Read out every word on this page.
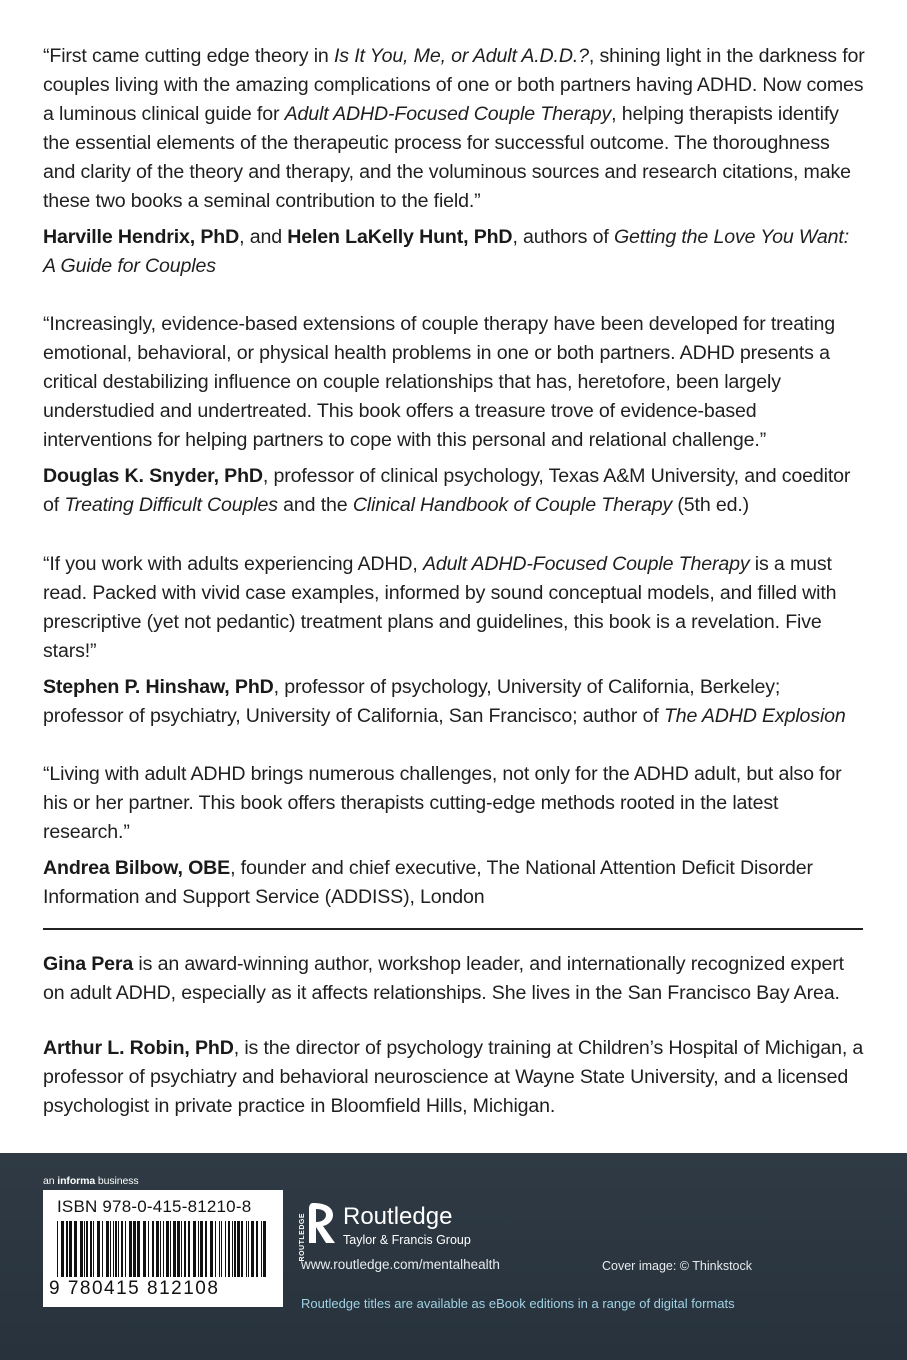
“First came cutting edge theory in Is It You, Me, or Adult A.D.D.?, shining light in the darkness for couples living with the amazing complications of one or both partners having ADHD. Now comes a luminous clinical guide for Adult ADHD-Focused Couple Therapy, helping therapists identify the essential elements of the therapeutic process for successful outcome. The thoroughness and clarity of the theory and therapy, and the voluminous sources and research citations, make these two books a seminal contribution to the field.”

Harville Hendrix, PhD, and Helen LaKelly Hunt, PhD, authors of Getting the Love You Want: A Guide for Couples

“Increasingly, evidence-based extensions of couple therapy have been developed for treating emotional, behavioral, or physical health problems in one or both partners. ADHD presents a critical destabilizing influence on couple relationships that has, heretofore, been largely understudied and undertreated. This book offers a treasure trove of evidence-based interventions for helping partners to cope with this personal and relational challenge.”

Douglas K. Snyder, PhD, professor of clinical psychology, Texas A&M University, and coeditor of Treating Difficult Couples and the Clinical Handbook of Couple Therapy (5th ed.)

“If you work with adults experiencing ADHD, Adult ADHD-Focused Couple Therapy is a must read. Packed with vivid case examples, informed by sound conceptual models, and filled with prescriptive (yet not pedantic) treatment plans and guidelines, this book is a revelation. Five stars!”

Stephen P. Hinshaw, PhD, professor of psychology, University of California, Berkeley; professor of psychiatry, University of California, San Francisco; author of The ADHD Explosion

“Living with adult ADHD brings numerous challenges, not only for the ADHD adult, but also for his or her partner. This book offers therapists cutting-edge methods rooted in the latest research.”

Andrea Bilbow, OBE, founder and chief executive, The National Attention Deficit Disorder Information and Support Service (ADDISS), London

Gina Pera is an award-winning author, workshop leader, and internationally recognized expert on adult ADHD, especially as it affects relationships. She lives in the San Francisco Bay Area.

Arthur L. Robin, PhD, is the director of psychology training at Children’s Hospital of Michigan, a professor of psychiatry and behavioral neuroscience at Wayne State University, and a licensed psychologist in private practice in Bloomfield Hills, Michigan.

an informa business
ISBN 978-0-415-81210-8
9 780415 812108
ROUTLEDGE Routledge
Taylor & Francis Group
www.routledge.com/mentalhealth	Cover image: © Thinkstock
Routledge titles are available as eBook editions in a range of digital formats
